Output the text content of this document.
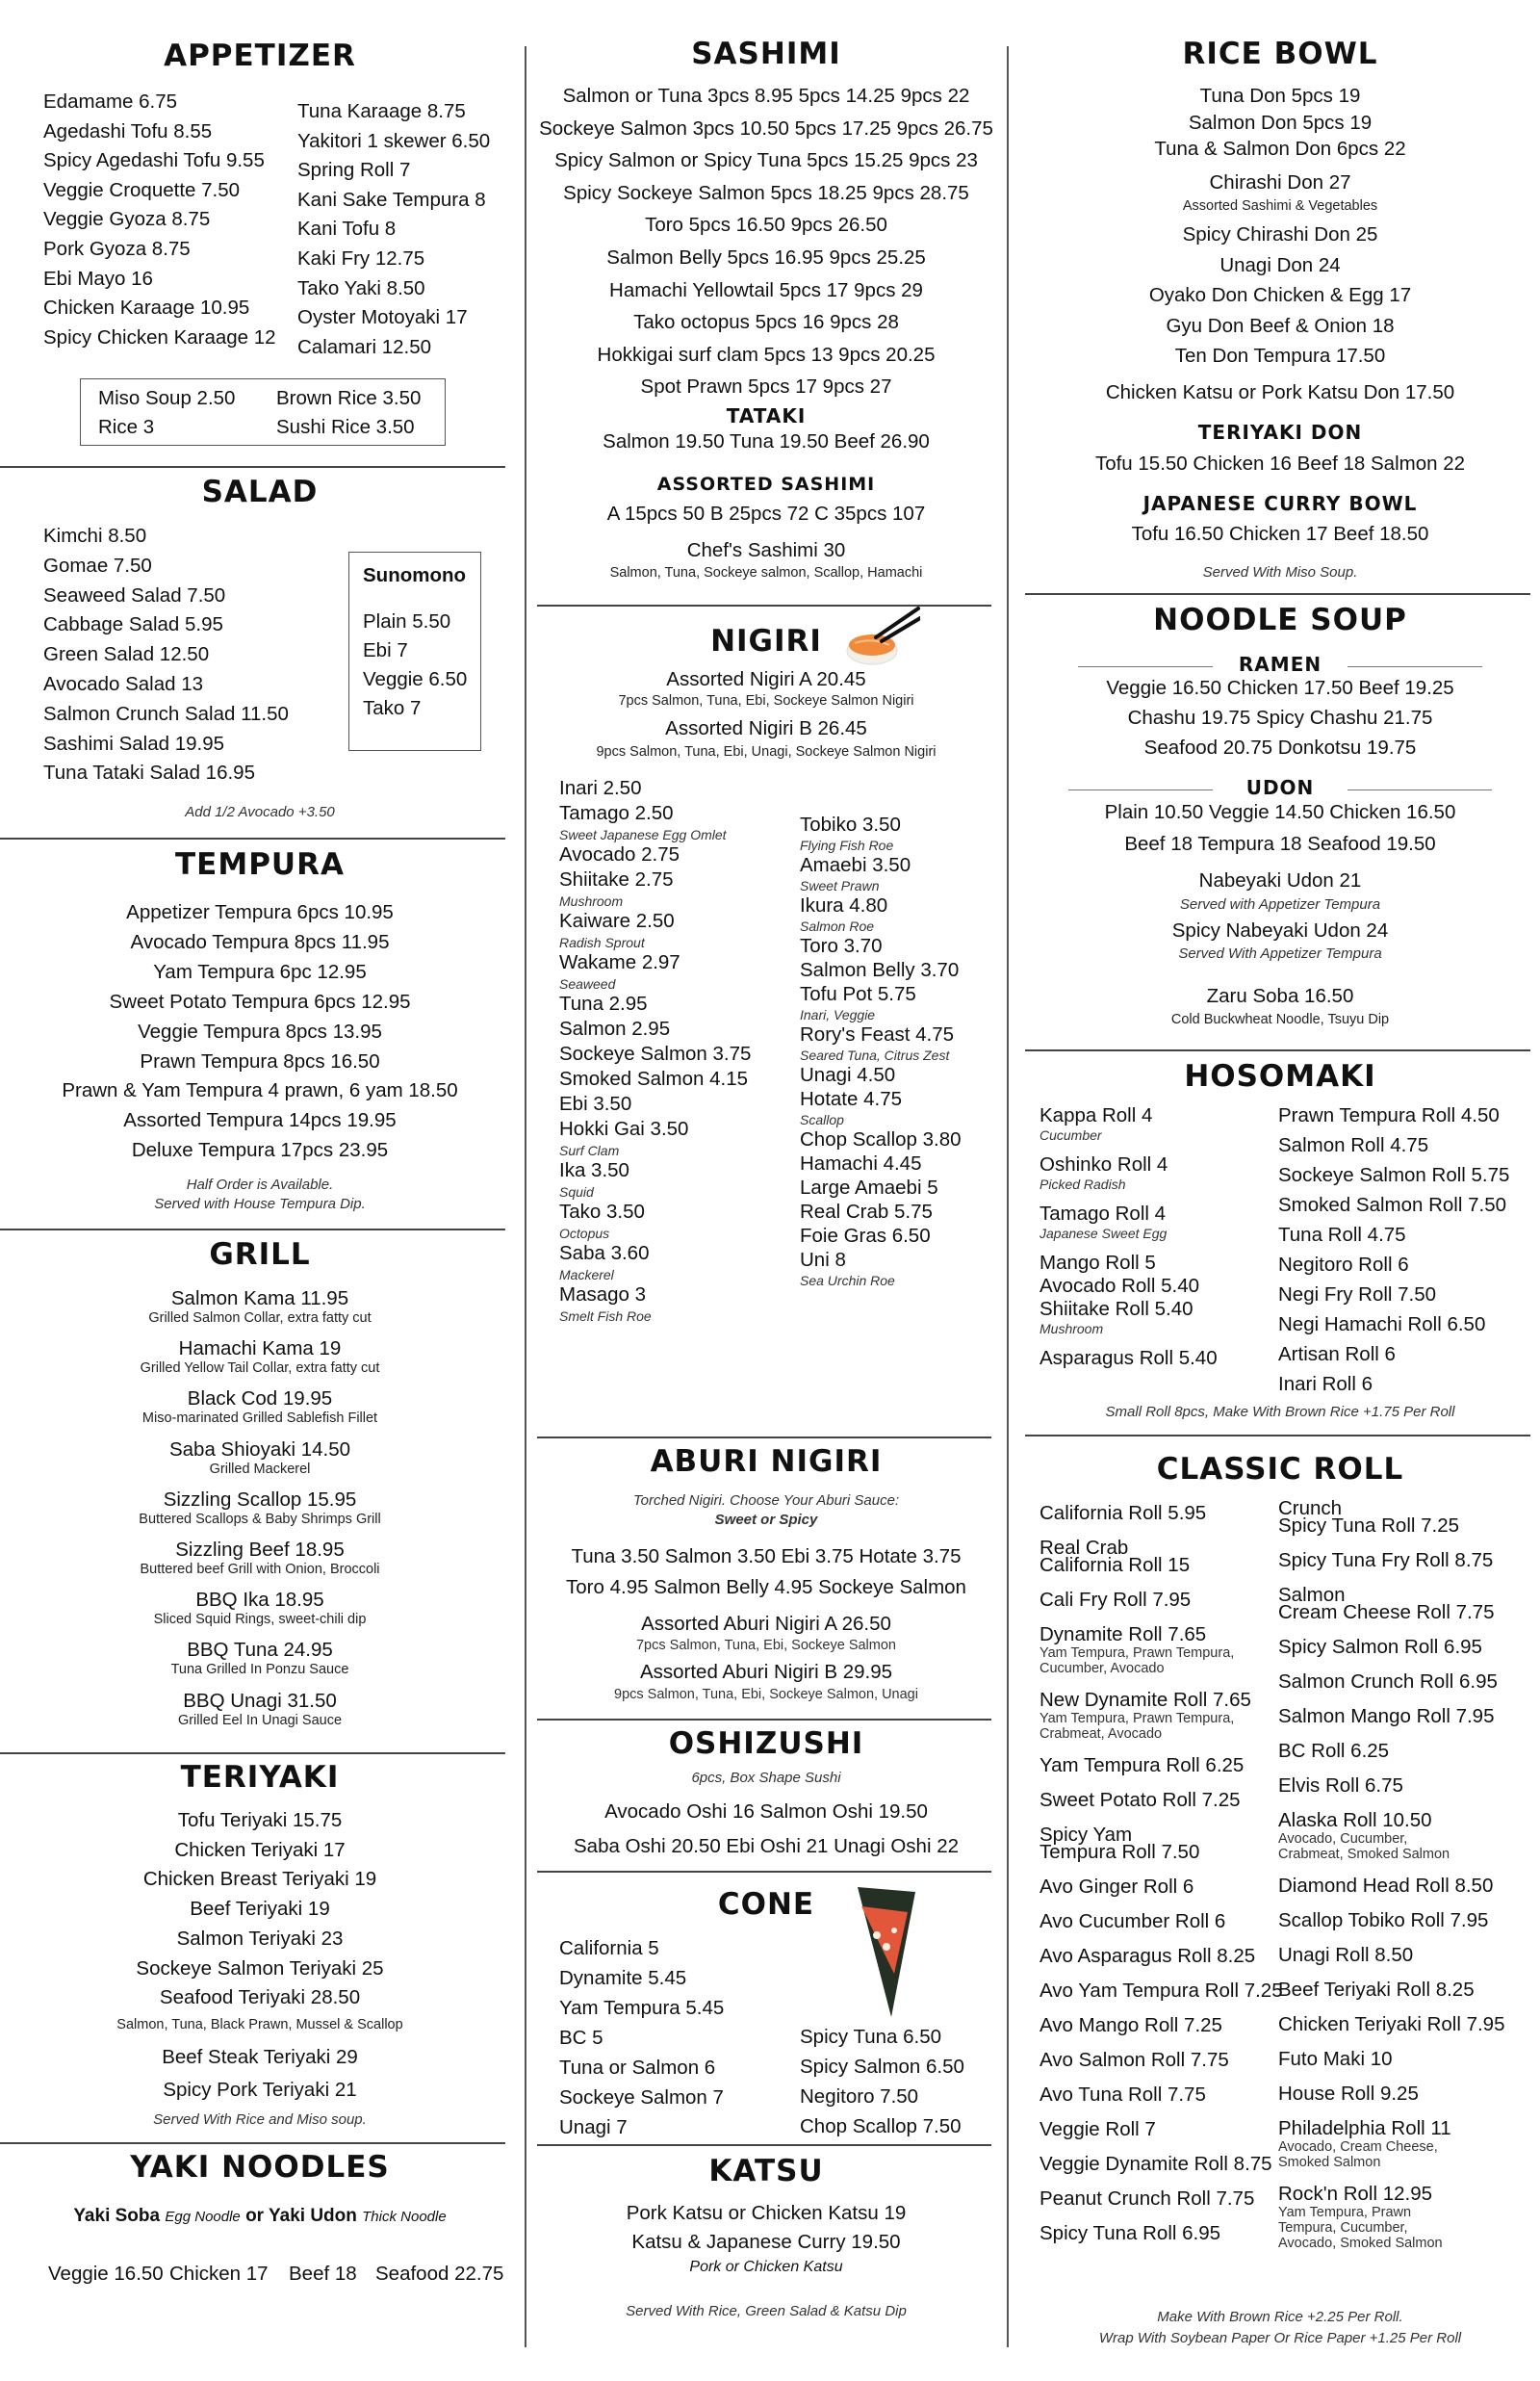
APPETIZER
Edamame 6.75
Agedashi Tofu 8.55
Spicy Agedashi Tofu 9.55
Veggie Croquette 7.50
Veggie Gyoza 8.75
Pork Gyoza 8.75
Ebi Mayo 16
Chicken Karaage 10.95
Spicy Chicken Karaage 12
Tuna Karaage 8.75
Yakitori 1 skewer 6.50
Spring Roll 7
Kani Sake Tempura 8
Kani Tofu 8
Kaki Fry 12.75
Tako Yaki 8.50
Oyster Motoyaki 17
Calamari 12.50
Miso Soup 2.50 Brown Rice 3.50
Rice 3	Sushi Rice 3.50
SALAD
Kimchi 8.50
Gomae 7.50
Seaweed Salad 7.50
Cabbage Salad 5.95
Green Salad 12.50
Avocado Salad 13
Salmon Crunch Salad 11.50
Sashimi Salad 19.95
Tuna Tataki Salad 16.95
Sunomono
Plain 5.50
Ebi 7
Veggie 6.50
Tako 7
Add 1/2 Avocado +3.50
TEMPURA
Appetizer Tempura 6pcs 10.95
Avocado Tempura 8pcs 11.95
Yam Tempura 6pc 12.95
Sweet Potato Tempura 6pcs 12.95
Veggie Tempura 8pcs 13.95
Prawn Tempura 8pcs 16.50
Prawn & Yam Tempura 4 prawn, 6 yam 18.50
Assorted Tempura 14pcs 19.95
Deluxe Tempura 17pcs 23.95
Half Order is Available.
Served with House Tempura Dip.
GRILL
Salmon Kama 11.95
Grilled Salmon Collar, extra fatty cut
Hamachi Kama 19
Grilled Yellow Tail Collar, extra fatty cut
Black Cod 19.95
Miso-marinated Grilled Sablefish Fillet
Saba Shioyaki 14.50
Grilled Mackerel
Sizzling Scallop 15.95
Buttered Scallops & Baby Shrimps Grill
Sizzling Beef 18.95
Buttered beef Grill with Onion, Broccoli
BBQ Ika 18.95
Sliced Squid Rings, sweet-chili dip
BBQ Tuna 24.95
Tuna Grilled In Ponzu Sauce
BBQ Unagi 31.50
Grilled Eel In Unagi Sauce
TERIYAKI
Tofu Teriyaki 15.75
Chicken Teriyaki 17
Chicken Breast Teriyaki 19
Beef Teriyaki 19
Salmon Teriyaki 23
Sockeye Salmon Teriyaki 25
Seafood Teriyaki 28.50
Salmon, Tuna, Black Prawn, Mussel & Scallop
Beef Steak Teriyaki 29
Spicy Pork Teriyaki 21
Served With Rice and Miso soup.
YAKI NOODLES
Yaki Soba Egg Noodle or Yaki Udon Thick Noodle
Veggie 16.50 Chicken 17 Beef 18 Seafood 22.75
SASHIMI
Salmon or Tuna 3pcs 8.95 5pcs 14.25 9pcs 22
Sockeye Salmon 3pcs 10.50 5pcs 17.25 9pcs 26.75
Spicy Salmon or Spicy Tuna 5pcs 15.25 9pcs 23
Spicy Sockeye Salmon 5pcs 18.25 9pcs 28.75
Toro 5pcs 16.50 9pcs 26.50
Salmon Belly 5pcs 16.95 9pcs 25.25
Hamachi Yellowtail 5pcs 17 9pcs 29
Tako octopus 5pcs 16 9pcs 28
Hokkigai surf clam 5pcs 13 9pcs 20.25
Spot Prawn 5pcs 17 9pcs 27
TATAKI
Salmon 19.50 Tuna 19.50 Beef 26.90
ASSORTED SASHIMI
A 15pcs 50 B 25pcs 72 C 35pcs 107
Chef's Sashimi 30
Salmon, Tuna, Sockeye salmon, Scallop, Hamachi
NIGIRI
Assorted Nigiri A 20.45
7pcs Salmon, Tuna, Ebi, Sockeye Salmon Nigiri
Assorted Nigiri B 26.45
9pcs Salmon, Tuna, Ebi, Unagi, Sockeye Salmon Nigiri
Inari 2.50
Tamago 2.50
Sweet Japanese Egg Omlet
Avocado 2.75
Shiitake 2.75
Mushroom
Kaiware 2.50
Radish Sprout
Wakame 2.97
Seaweed
Tuna 2.95
Salmon 2.95
Sockeye Salmon 3.75
Smoked Salmon 4.15
Ebi 3.50
Hokki Gai 3.50
Surf Clam
Ika 3.50
Squid
Tako 3.50
Octopus
Saba 3.60
Mackerel
Masago 3
Smelt Fish Roe
Tobiko 3.50
Flying Fish Roe
Amaebi 3.50
Sweet Prawn
Ikura 4.80
Salmon Roe
Toro 3.70
Salmon Belly 3.70
Tofu Pot 5.75
Inari, Veggie
Rory's Feast 4.75
Seared Tuna, Citrus Zest
Unagi 4.50
Hotate 4.75
Scallop
Chop Scallop 3.80
Hamachi 4.45
Large Amaebi 5
Real Crab 5.75
Foie Gras 6.50
Uni 8
Sea Urchin Roe
ABURI NIGIRI
Torched Nigiri. Choose Your Aburi Sauce:
Sweet or Spicy
Tuna 3.50 Salmon 3.50 Ebi 3.75 Hotate 3.75
Toro 4.95 Salmon Belly 4.95 Sockeye Salmon
Assorted Aburi Nigiri A 26.50
7pcs Salmon, Tuna, Ebi, Sockeye Salmon
Assorted Aburi Nigiri B 29.95
9pcs Salmon, Tuna, Ebi, Sockeye Salmon, Unagi
OSHIZUSHI
6pcs, Box Shape Sushi
Avocado Oshi 16 Salmon Oshi 19.50
Saba Oshi 20.50 Ebi Oshi 21 Unagi Oshi 22
CONE
California 5
Dynamite 5.45
Yam Tempura 5.45
BC 5
Tuna or Salmon 6
Sockeye Salmon 7
Unagi 7
Spicy Tuna 6.50
Spicy Salmon 6.50
Negitoro 7.50
Chop Scallop 7.50
KATSU
Pork Katsu or Chicken Katsu 19
Katsu & Japanese Curry 19.50
Pork or Chicken Katsu
Served With Rice, Green Salad & Katsu Dip
RICE BOWL
Tuna Don 5pcs 19
Salmon Don 5pcs 19
Tuna & Salmon Don 6pcs 22
Chirashi Don 27
Assorted Sashimi & Vegetables
Spicy Chirashi Don 25
Unagi Don 24
Oyako Don Chicken & Egg 17
Gyu Don Beef & Onion 18
Ten Don Tempura 17.50
Chicken Katsu or Pork Katsu Don 17.50
TERIYAKI DON
Tofu 15.50 Chicken 16 Beef 18 Salmon 22
JAPANESE CURRY BOWL
Tofu 16.50 Chicken 17 Beef 18.50
Served With Miso Soup.
NOODLE SOUP
RAMEN
Veggie 16.50 Chicken 17.50 Beef 19.25
Chashu 19.75 Spicy Chashu 21.75
Seafood 20.75 Donkotsu 19.75
UDON
Plain 10.50 Veggie 14.50 Chicken 16.50
Beef 18 Tempura 18 Seafood 19.50
Nabeyaki Udon 21
Served with Appetizer Tempura
Spicy Nabeyaki Udon 24
Served With Appetizer Tempura
Zaru Soba 16.50
Cold Buckwheat Noodle, Tsuyu Dip
HOSOMAKI
Kappa Roll 4
Cucumber
Oshinko Roll 4
Picked Radish
Tamago Roll 4
Japanese Sweet Egg
Mango Roll 5
Avocado Roll 5.40
Shiitake Roll 5.40
Mushroom
Asparagus Roll 5.40
Prawn Tempura Roll 4.50
Salmon Roll 4.75
Sockeye Salmon Roll 5.75
Smoked Salmon Roll 7.50
Tuna Roll 4.75
Negitoro Roll 6
Negi Fry Roll 7.50
Negi Hamachi Roll 6.50
Artisan Roll 6
Inari Roll 6
Small Roll 8pcs, Make With Brown Rice +1.75 Per Roll
CLASSIC ROLL
California Roll 5.95
Real Crab
California Roll 15
Cali Fry Roll 7.95
Dynamite Roll 7.65
Yam Tempura, Prawn Tempura,
Cucumber, Avocado
New Dynamite Roll 7.65
Yam Tempura, Prawn Tempura,
Crabmeat, Avocado
Yam Tempura Roll 6.25
Sweet Potato Roll 7.25
Spicy Yam
Tempura Roll 7.50
Avo Ginger Roll 6
Avo Cucumber Roll 6
Avo Asparagus Roll 8.25
Avo Yam Tempura Roll 7.25
Avo Mango Roll 7.25
Avo Salmon Roll 7.75
Avo Tuna Roll 7.75
Veggie Roll 7
Veggie Dynamite Roll 8.75
Peanut Crunch Roll 7.75
Spicy Tuna Roll 6.95
Crunch
Spicy Tuna Roll 7.25
Spicy Tuna Fry Roll 8.75
Salmon
Cream Cheese Roll 7.75
Spicy Salmon Roll 6.95
Salmon Crunch Roll 6.95
Salmon Mango Roll 7.95
BC Roll 6.25
Elvis Roll 6.75
Alaska Roll 10.50
Avocado, Cucumber,
Crabmeat, Smoked Salmon
Diamond Head Roll 8.50
Scallop Tobiko Roll 7.95
Unagi Roll 8.50
Beef Teriyaki Roll 8.25
Chicken Teriyaki Roll 7.95
Futo Maki 10
House Roll 9.25
Philadelphia Roll 11
Avocado, Cream Cheese,
Smoked Salmon
Rock'n Roll 12.95
Yam Tempura, Prawn
Tempura, Cucumber,
Avocado, Smoked Salmon
Make With Brown Rice +2.25 Per Roll.
Wrap With Soybean Paper Or Rice Paper +1.25 Per Roll
